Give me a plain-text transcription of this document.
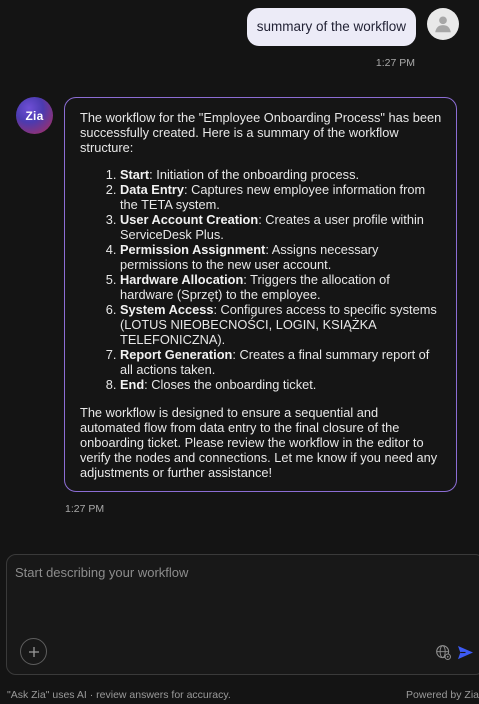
summary of the workflow
1:27 PM
Zia	The workflow for the "Employee Onboarding Process" has been successfully created. Here is a summary of the workflow structure:

1. Start: Initiation of the onboarding process.
2. Data Entry: Captures new employee information from the TETA system.
3. User Account Creation: Creates a user profile within ServiceDesk Plus.
4. Permission Assignment: Assigns necessary permissions to the new user account.
5. Hardware Allocation: Triggers the allocation of hardware (Sprzęt) to the employee.
6. System Access: Configures access to specific systems (LOTUS NIEOBECNOŚCI, LOGIN, KSIĄŻKA TELEFONICZNA).
7. Report Generation: Creates a final summary report of all actions taken.
8. End: Closes the onboarding ticket.

The workflow is designed to ensure a sequential and automated flow from data entry to the final closure of the onboarding ticket. Please review the workflow in the editor to verify the nodes and connections. Let me know if you need any adjustments or further assistance!

1:27 PM
Start describing your workflow
"Ask Zia" uses AI · review answers for accuracy.	Powered by Zia
